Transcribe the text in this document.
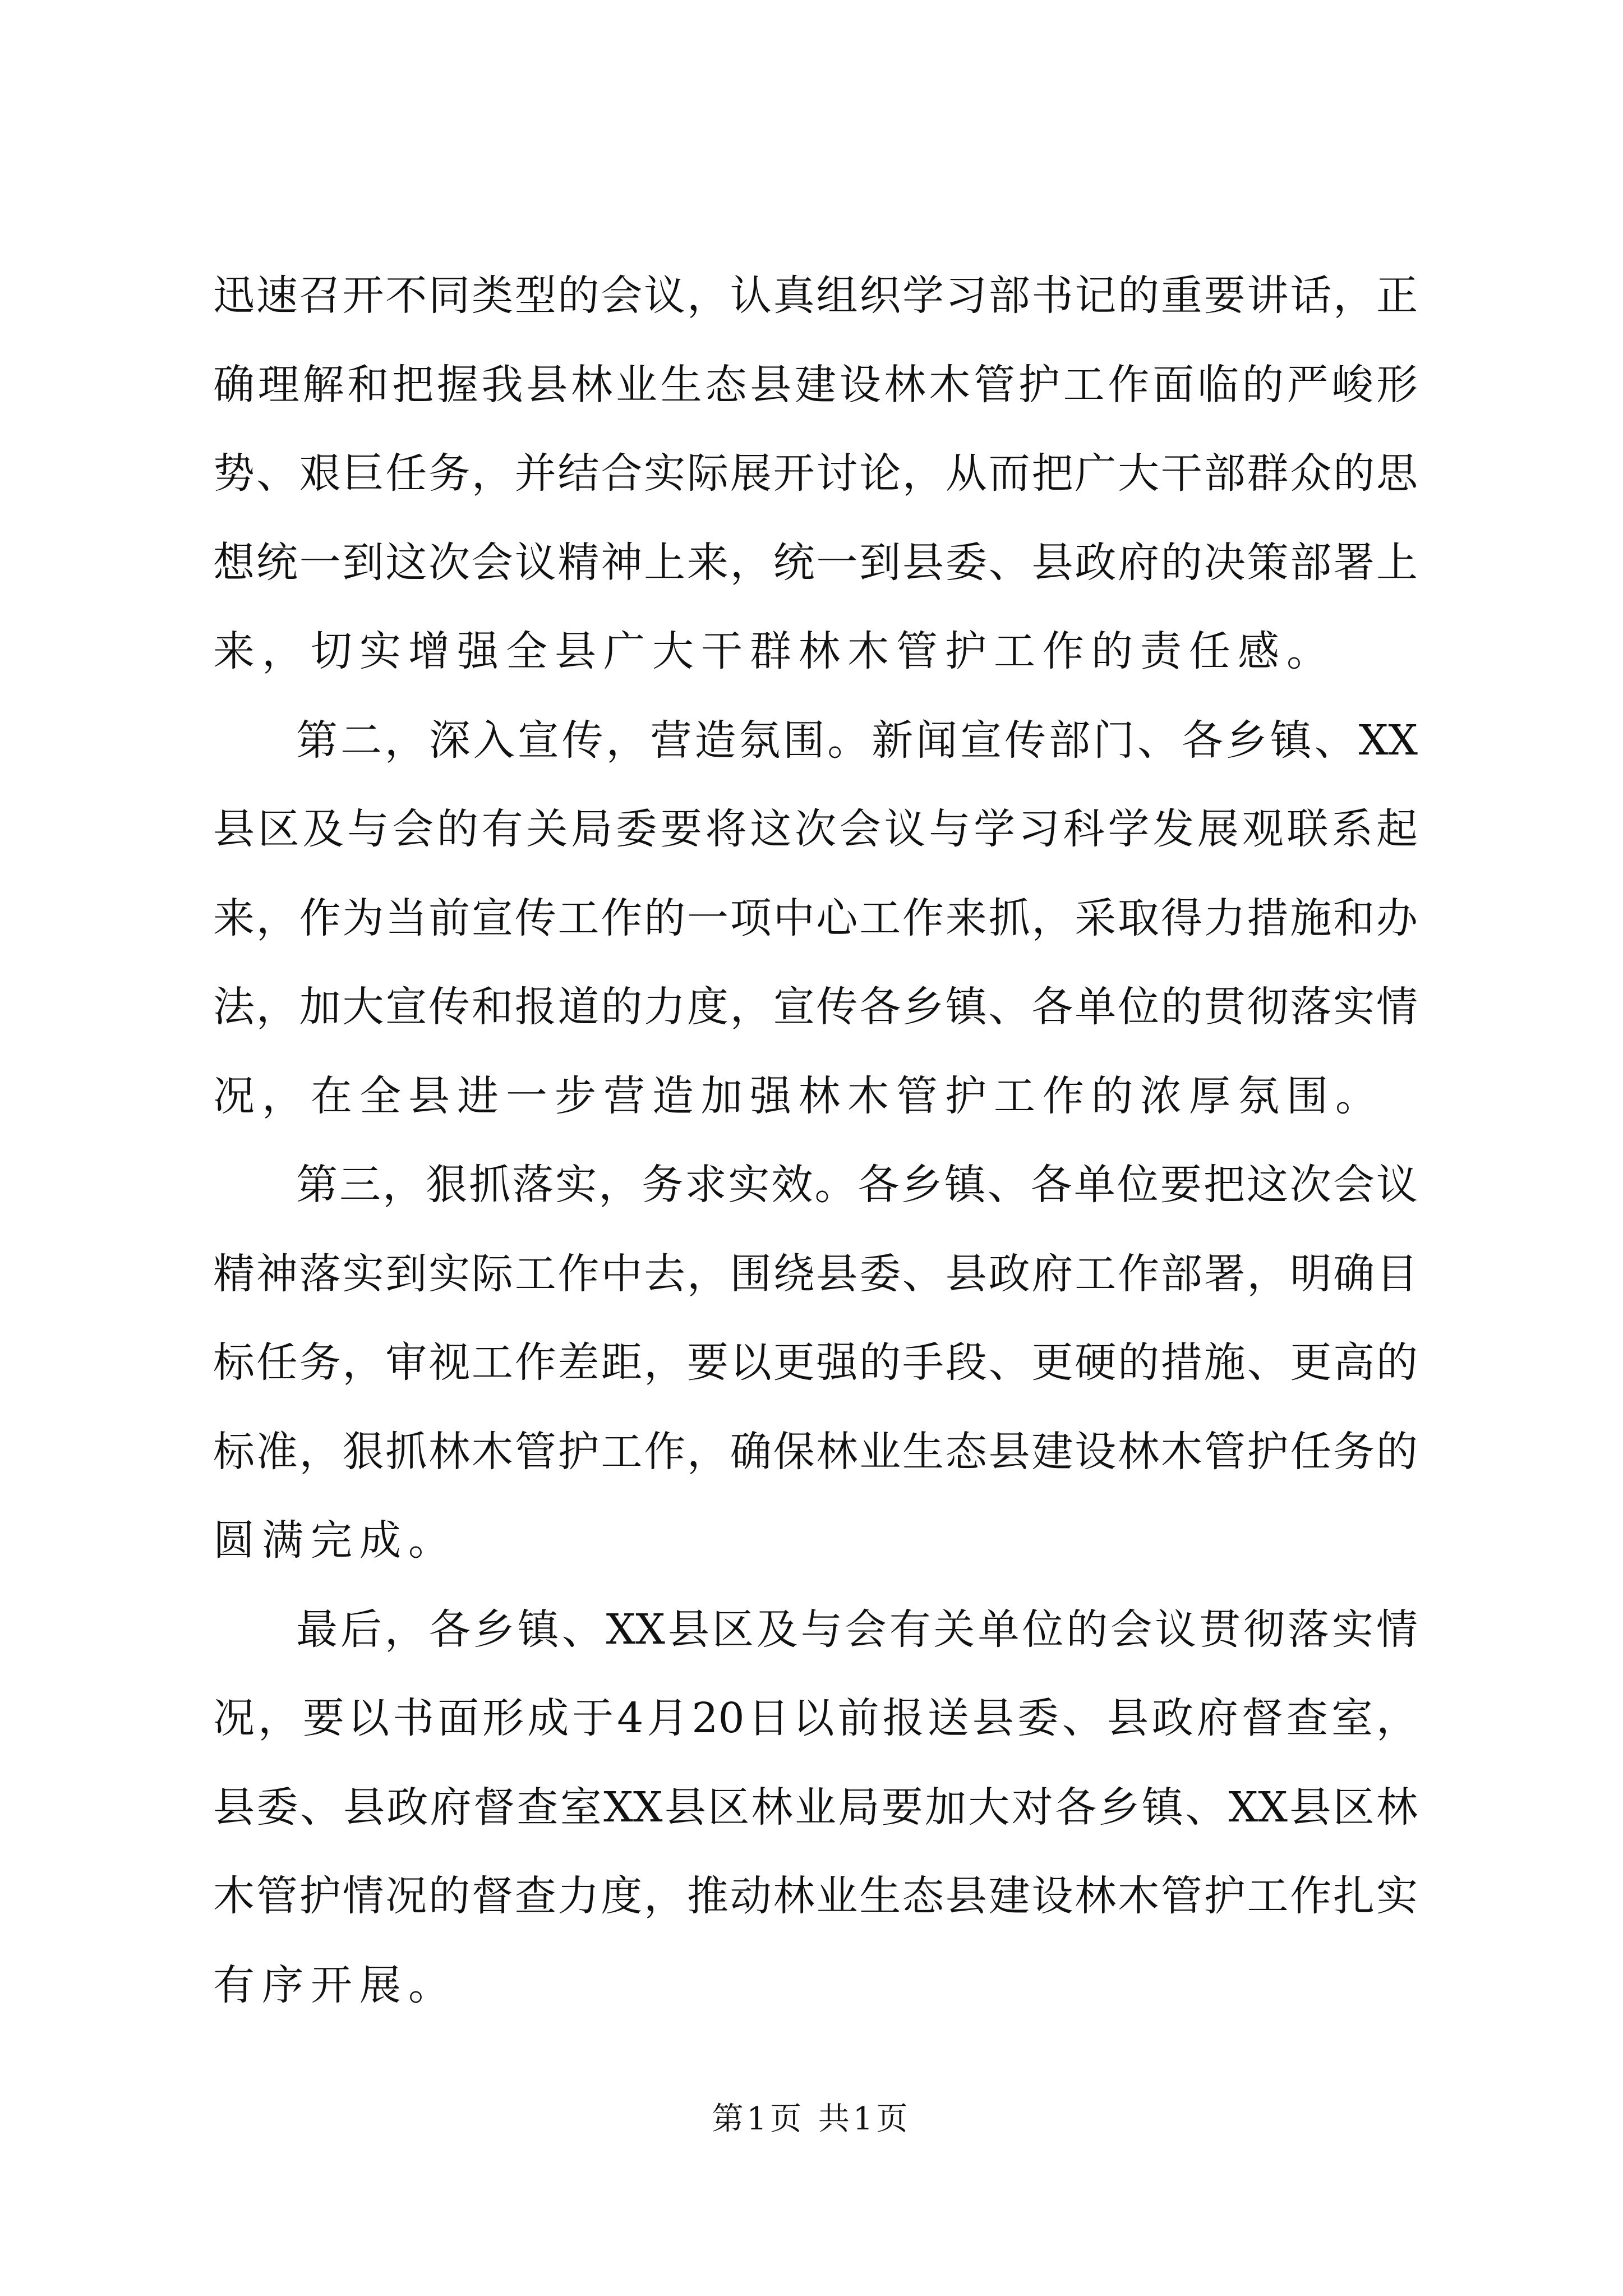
迅速召开不同类型的会议，认真组织学习部书记的重要讲话，正
确理解和把握我县林业生态县建设林木管护工作面临的严峻形
势、艰巨任务，并结合实际展开讨论，从而把广大干部群众的思
想统一到这次会议精神上来，统一到县委、县政府的决策部署上
来，切实增强全县广大干群林木管护工作的责任感。
第二，深入宣传，营造氛围。新闻宣传部门、各乡镇、XX
县区及与会的有关局委要将这次会议与学习科学发展观联系起
来，作为当前宣传工作的一项中心工作来抓，采取得力措施和办
法，加大宣传和报道的力度，宣传各乡镇、各单位的贯彻落实情
况，在全县进一步营造加强林木管护工作的浓厚氛围。
第三，狠抓落实，务求实效。各乡镇、各单位要把这次会议
精神落实到实际工作中去，围绕县委、县政府工作部署，明确目
标任务，审视工作差距，要以更强的手段、更硬的措施、更高的
标准，狠抓林木管护工作，确保林业生态县建设林木管护任务的
圆满完成。
最后，各乡镇、XX县区及与会有关单位的会议贯彻落实情
况，要以书面形成于4月20日以前报送县委、县政府督查室，
县委、县政府督查室XX县区林业局要加大对各乡镇、XX县区林
木管护情况的督查力度，推动林业生态县建设林木管护工作扎实
有序开展。
第1页 共1页
